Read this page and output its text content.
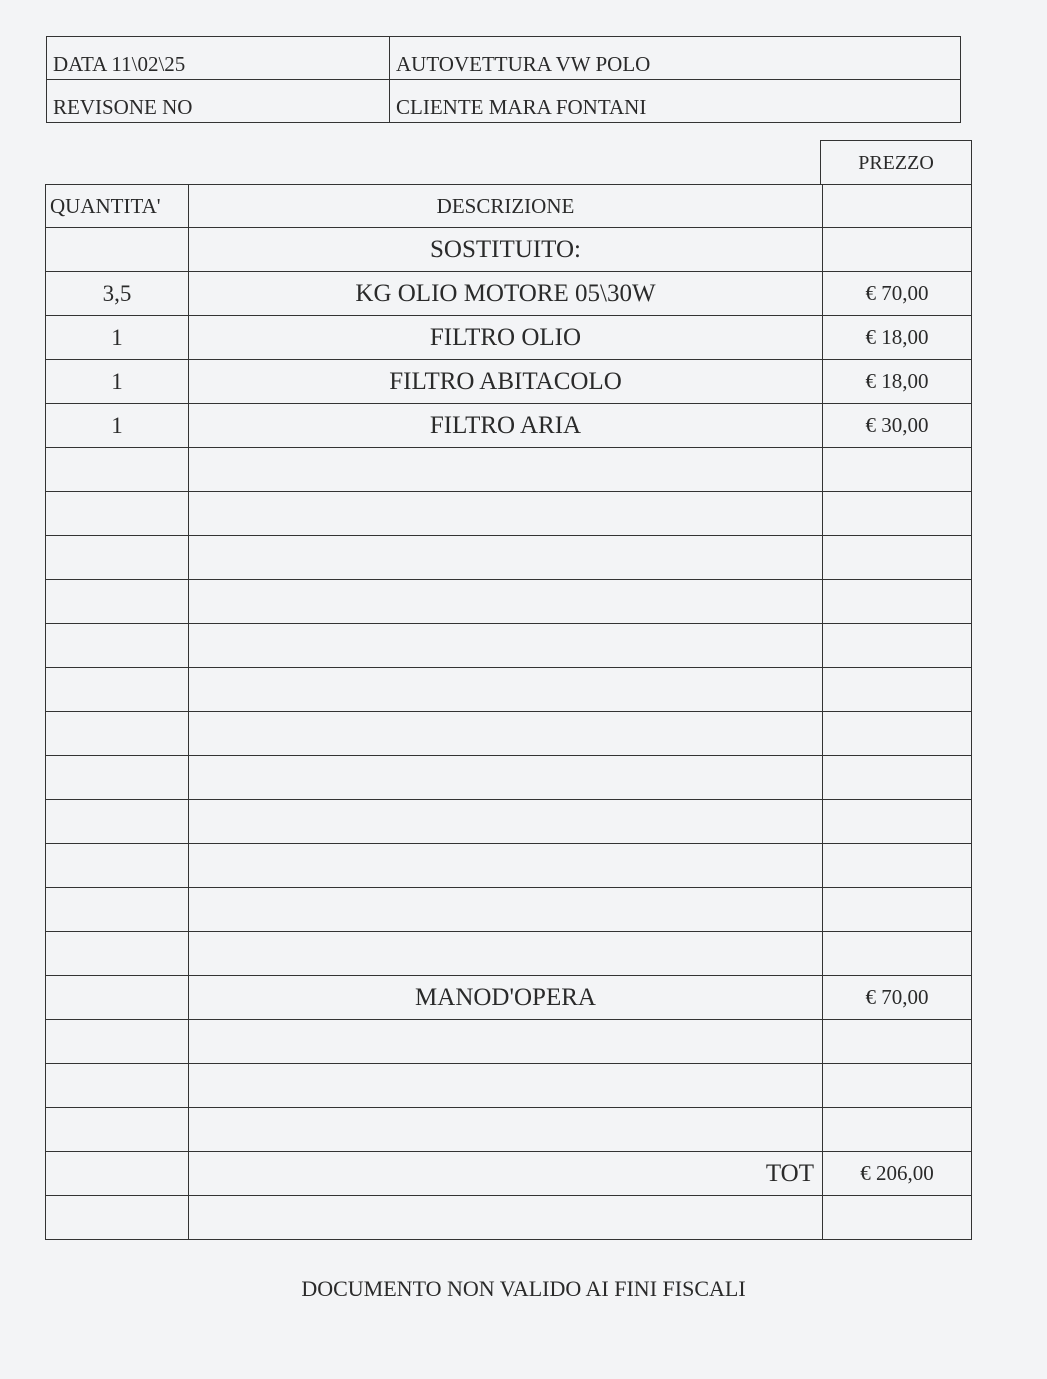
DATA 11\02\25	AUTOVETTURA VW POLO
REVISONE NO	CLIENTE MARA FONTANI
PREZZO
QUANTITA'	DESCRIZIONE	
	SOSTITUITO:	
3,5	KG OLIO MOTORE 05\30W	€ 70,00
1	FILTRO OLIO	€ 18,00
1	FILTRO ABITACOLO	€ 18,00
1	FILTRO ARIA	€ 30,00

	MANOD'OPERA	€ 70,00

	TOT	€ 206,00

DOCUMENTO NON VALIDO AI FINI FISCALI
